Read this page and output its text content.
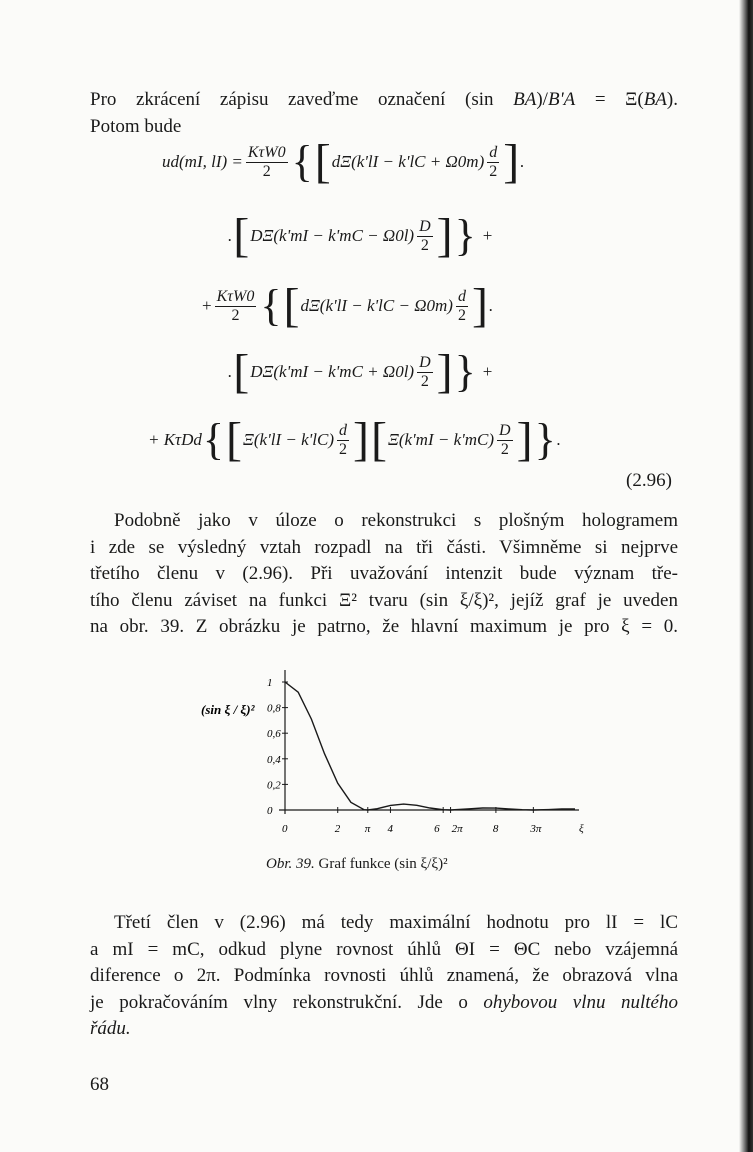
Pro zkrácení zápisu zaveďme označení (sin BA)/B'A = Ξ(BA).
Potom bude
ud(mI, $lI) = \frac{\text{KτW0}}{2}$ { [ $d\Xi(k'lI - k'lC + \Omega 0m) \frac{d}{2}$ ] .
. [ $D\Xi(k'mI - k'mC - \Omega 0l) \frac{D}{2}$ ] } +
+ $\frac{\text{KτW0}}{2}$ { [ $d\Xi(k'lI - k'lC - \Omega 0m) \frac{d}{2}$ ] .
. [ $D\Xi(k'mI - k'mC + \Omega 0l) \frac{D}{2}$ ] } +
+ KτDd { [ $\Xi(k'lI - k'lC) \frac{d}{2}$ ] [ $\Xi(k'mI - k'mC) \frac{D}{2}$ ] } .
(2.96)
Podobně jako v úloze o rekonstrukci s plošným hologramem
i zde se výsledný vztah rozpadl na tři části. Všimněme si nejprve
třetího členu v (2.96). Při uvažování intenzit bude význam tře-
tího členu záviset na funkci Ξ² tvaru (sin ξ/ξ)², jejíž graf je uveden
na obr. 39. Z obrázku je patrno, že hlavní maximum je pro ξ = 0.
1
0,8
0,6
0,4
0,2
0
0	2 π 4	6 2π	8	3π	ξ
(sin ξ / ξ)²
Obr. 39. Graf funkce (sin ξ/ξ)²
Třetí člen v (2.96) má tedy maximální hodnotu pro lI = lC
a mI = mC, odkud plyne rovnost úhlů ΘI = ΘC nebo vzájemná
diference o 2π. Podmínka rovnosti úhlů znamená, že obrazová vlna
je pokračováním vlny rekonstrukční. Jde o ohybovou vlnu nultého
řádu.
68
